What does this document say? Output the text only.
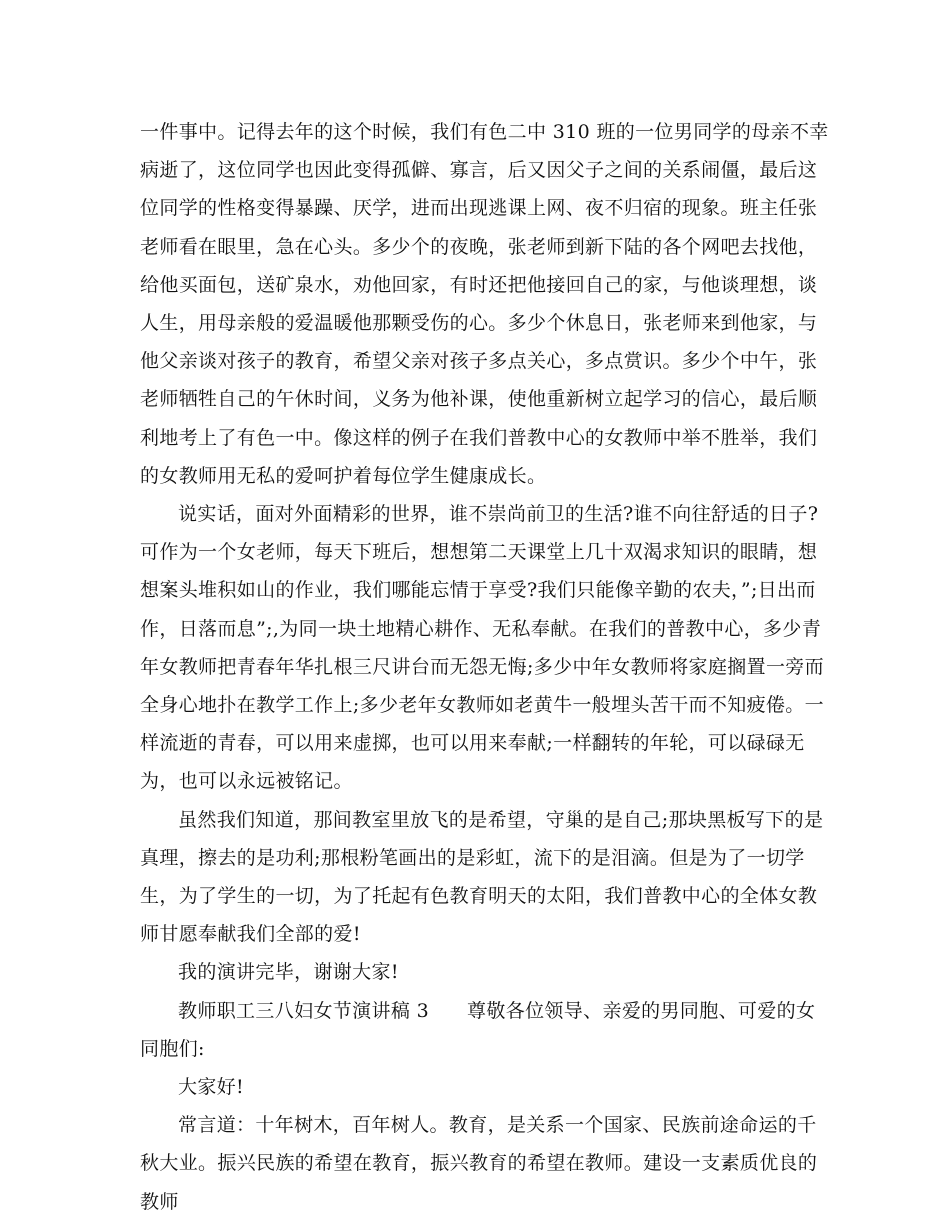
一件事中。记得去年的这个时候，我们有色二中 310 班的一位男同学的母亲不幸病逝了，这位同学也因此变得孤僻、寡言，后又因父子之间的关系闹僵，最后这位同学的性格变得暴躁、厌学，进而出现逃课上网、夜不归宿的现象。班主任张老师看在眼里，急在心头。多少个的夜晚，张老师到新下陆的各个网吧去找他，给他买面包，送矿泉水，劝他回家，有时还把他接回自己的家，与他谈理想，谈人生，用母亲般的爱温暖他那颗受伤的心。多少个休息日，张老师来到他家，与他父亲谈对孩子的教育，希望父亲对孩子多点关心，多点赏识。多少个中午，张老师牺牲自己的午休时间，义务为他补课，使他重新树立起学习的信心，最后顺利地考上了有色一中。像这样的例子在我们普教中心的女教师中举不胜举，我们的女教师用无私的爱呵护着每位学生健康成长。

说实话，面对外面精彩的世界，谁不崇尚前卫的生活?谁不向往舒适的日子?可作为一个女老师，每天下班后，想想第二天课堂上几十双渴求知识的眼睛，想想案头堆积如山的作业，我们哪能忘情于享受?我们只能像辛勤的农夫，”;日出而作，日落而息”;,为同一块土地精心耕作、无私奉献。在我们的普教中心，多少青年女教师把青春年华扎根三尺讲台而无怨无悔;多少中年女教师将家庭搁置一旁而全身心地扑在教学工作上;多少老年女教师如老黄牛一般埋头苦干而不知疲倦。一样流逝的青春，可以用来虚掷，也可以用来奉献;一样翻转的年轮，可以碌碌无为，也可以永远被铭记。

虽然我们知道，那间教室里放飞的是希望，守巢的是自己;那块黑板写下的是真理，擦去的是功利;那根粉笔画出的是彩虹，流下的是泪滴。但是为了一切学生，为了学生的一切，为了托起有色教育明天的太阳，我们普教中心的全体女教师甘愿奉献我们全部的爱!

我的演讲完毕，谢谢大家!

教师职工三八妇女节演讲稿 3 尊敬各位领导、亲爱的男同胞、可爱的女同胞们:

大家好!

常言道：十年树木，百年树人。教育，是关系一个国家、民族前途命运的千秋大业。振兴民族的希望在教育，振兴教育的希望在教师。建设一支素质优良的教师
